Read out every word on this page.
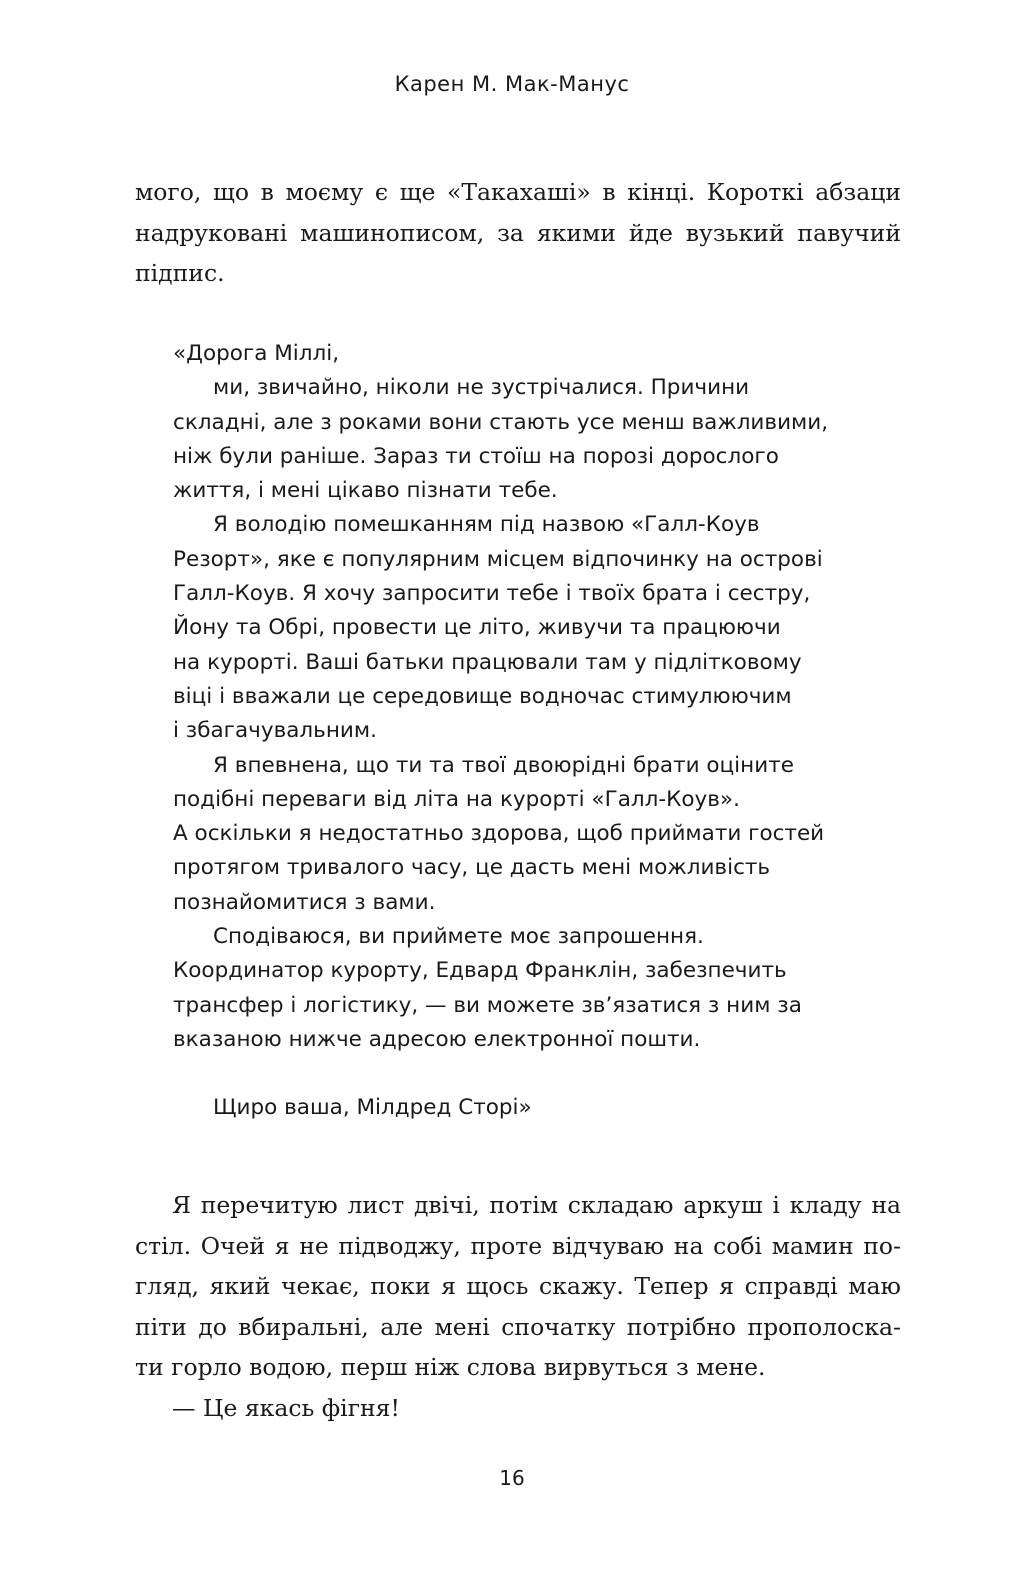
Карен М. Мак-Манус
мого, що в моєму є ще «Такахаші» в кінці. Короткі абзаци
надруковані машинописом, за якими йде вузький павучий
підпис.
«Дорога Міллі,
ми, звичайно, ніколи не зустрічалися. Причини
складні, але з роками вони стають усе менш важливими,
ніж були раніше. Зараз ти стоїш на порозі дорослого
життя, і мені цікаво пізнати тебе.
Я володію помешканням під назвою «Галл-Коув
Резорт», яке є популярним місцем відпочинку на острові
Галл-Коув. Я хочу запросити тебе і твоїх брата і сестру,
Йону та Обрі, провести це літо, живучи та працюючи
на курорті. Ваші батьки працювали там у підлітковому
віці і вважали це середовище водночас стимулюючим
і збагачувальним.
Я впевнена, що ти та твої двоюрідні брати оціните
подібні переваги від літа на курорті «Галл-Коув».
А оскільки я недостатньо здорова, щоб приймати гостей
протягом тривалого часу, це дасть мені можливість
познайомитися з вами.
Сподіваюся, ви приймете моє запрошення.
Координатор курорту, Едвард Франклін, забезпечить
трансфер і логістику, — ви можете зв’язатися з ним за
вказаною нижче адресою електронної пошти.
Щиро ваша, Мілдред Сторі»
Я перечитую лист двічі, потім складаю аркуш і кладу на
стіл. Очей я не підводжу, проте відчуваю на собі мамин по-
гляд, який чекає, поки я щось скажу. Тепер я справді маю
піти до вбиральні, але мені спочатку потрібно прополоска-
ти горло водою, перш ніж слова вирвуться з мене.
— Це якась фігня!
16
